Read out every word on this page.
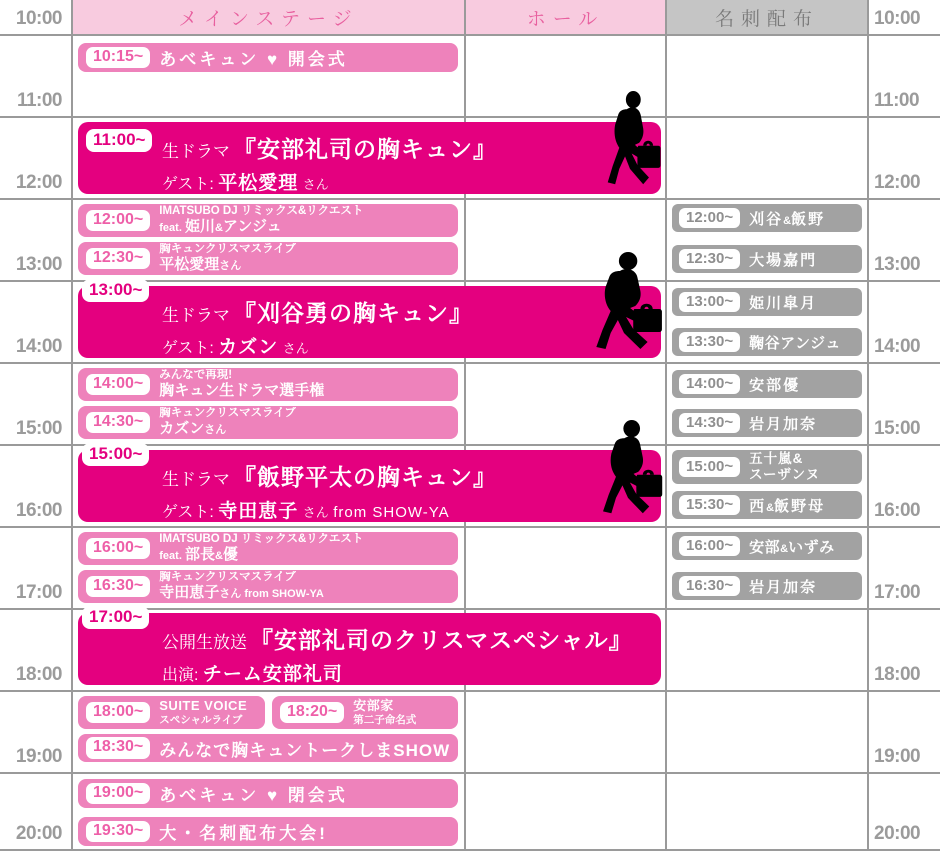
メインステージ	ホール	名刺配布
10:00
11:00
12:00
13:00
14:00
15:00
16:00
17:00
18:00
19:00
20:00
10:00
11:00
12:00
13:00
14:00
15:00
16:00
17:00
18:00
19:00
20:00
10:15~ あべキュン ♥ 開会式
11:00~
生ドラマ 『安部礼司の胸キュン』
ゲスト: 平松愛理 さん
12:00~
IMATSUBO DJ リミックス&リクエスト
feat. 姫川&アンジュ
12:30~
胸キュンクリスマスライブ
平松愛理さん
13:00~
生ドラマ 『刈谷勇の胸キュン』
ゲスト: カズン さん
14:00~
みんなで再現!
胸キュン生ドラマ選手権
14:30~
胸キュンクリスマスライブ
カズンさん
15:00~
生ドラマ 『飯野平太の胸キュン』
ゲスト: 寺田恵子 さん from SHOW-YA
16:00~
IMATSUBO DJ リミックス&リクエスト
feat. 部長&優
16:30~
胸キュンクリスマスライブ
寺田恵子さん from SHOW-YA
17:00~
公開生放送 『安部礼司のクリスマスペシャル』
出演: チーム安部礼司
18:00~	SUITE VOICE
スペシャルライブ
18:20~	安部家
第二子命名式
18:30~ みんなで胸キュントークしまSHOW
19:00~ あべキュン ♥ 閉会式
19:30~ 大・名刺配布大会!
12:00~	刈谷&飯野
12:30~	大場嘉門
13:00~	姫川皐月
13:30~	鞠谷アンジュ
14:00~	安部優
14:30~	岩月加奈
15:00~	五十嵐&
スーザンヌ
15:30~	西&飯野母
16:00~	安部&いずみ
16:30~	岩月加奈
